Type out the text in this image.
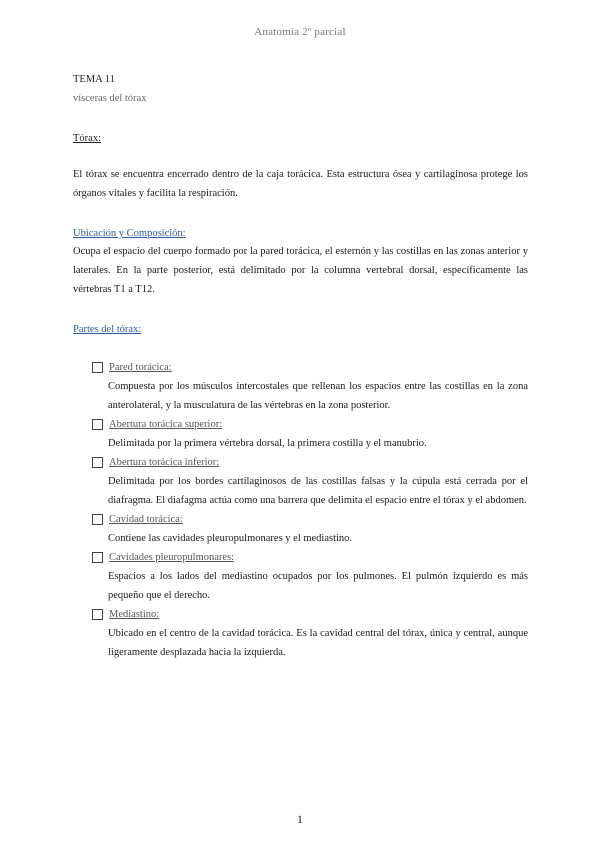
Anatomía 2º parcial
TEMA 11
vísceras del tórax
Tórax:
El tórax se encuentra encerrado dentro de la caja torácica. Esta estructura ósea y cartilaginosa protege los órganos vitales y facilita la respiración.
Ubicación y Composición:
Ocupa el espacio del cuerpo formado por la pared torácica, el esternón y las costillas en las zonas anterior y laterales. En la parte posterior, está delimitado por la columna vertebral dorsal, específicamente las vértebras T1 a T12.
Partes del tórax:
Pared torácica:
Compuesta por los músculos intercostales que rellenan los espacios entre las costillas en la zona anterolateral, y la musculatura de las vértebras en la zona posterior.
Abertura torácica superior:
Delimitada por la primera vértebra dorsal, la primera costilla y el manubrio.
Abertura torácica inferior:
Delimitada por los bordes cartilaginosos de las costillas falsas y la cúpula está cerrada por el diafragma. El diafagma actúa como una barrera que delimita el espacio entre el tórax y el abdomen.
Cavidad torácica:
Contiene las cavidades pleuropulmonares y el mediastino.
Cavidades pleuropulmonares:
Espacios a los lados del mediastino ocupados por los pulmones. El pulmón izquierdo es más pequeño que el derecho.
Mediastino:
Ubicado en el centro de la cavidad torácica. Es la cavidad central del tórax, única y central, aunque ligeramente desplazada hacia la izquierda.
1
